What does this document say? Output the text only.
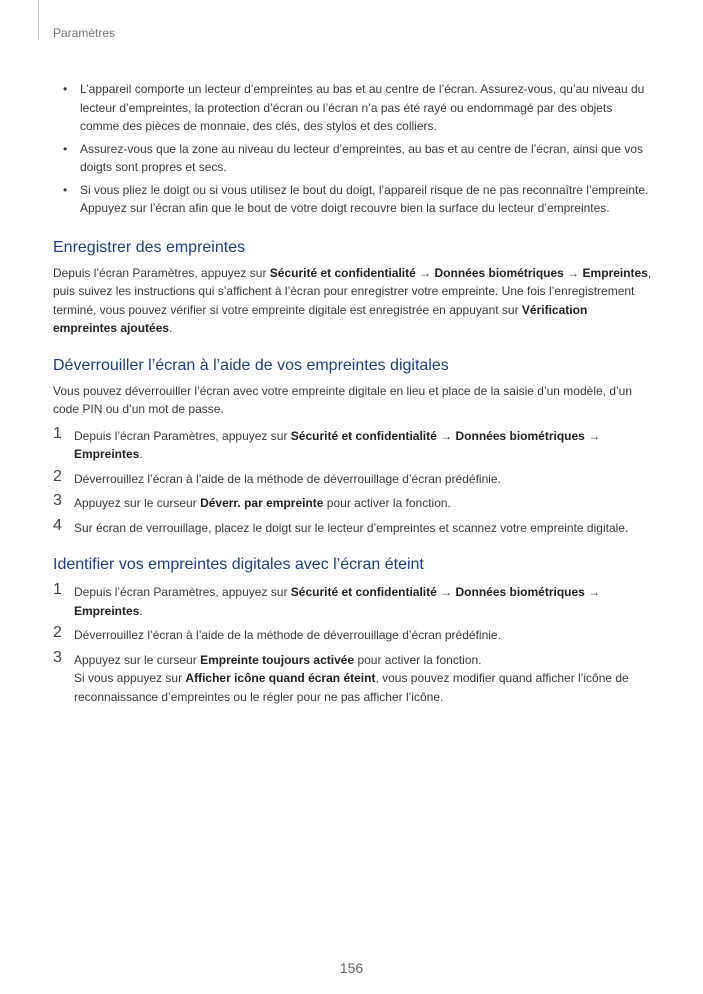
Paramètres
• L’appareil comporte un lecteur d’empreintes au bas et au centre de l’écran. Assurez-vous, qu’au niveau du lecteur d’empreintes, la protection d’écran ou l’écran n’a pas été rayé ou endommagé par des objets comme des pièces de monnaie, des clés, des stylos et des colliers.
• Assurez-vous que la zone au niveau du lecteur d’empreintes, au bas et au centre de l’écran, ainsi que vos doigts sont propres et secs.
• Si vous pliez le doigt ou si vous utilisez le bout du doigt, l’appareil risque de ne pas reconnaître l’empreinte. Appuyez sur l’écran afin que le bout de votre doigt recouvre bien la surface du lecteur d’empreintes.
Enregistrer des empreintes

Depuis l’écran Paramètres, appuyez sur Sécurité et confidentialité → Données biométriques → Empreintes, puis suivez les instructions qui s’affichent à l’écran pour enregistrer votre empreinte. Une fois l’enregistrement terminé, vous pouvez vérifier si votre empreinte digitale est enregistrée en appuyant sur Vérification empreintes ajoutées.

Déverrouiller l’écran à l’aide de vos empreintes digitales

Vous pouvez déverrouiller l’écran avec votre empreinte digitale en lieu et place de la saisie d’un modèle, d’un code PIN ou d’un mot de passe.

1 Depuis l’écran Paramètres, appuyez sur Sécurité et confidentialité → Données biométriques → Empreintes.
2 Déverrouillez l’écran à l’aide de la méthode de déverrouillage d’écran prédéfinie.
3 Appuyez sur le curseur Déverr. par empreinte pour activer la fonction.
4 Sur écran de verrouillage, placez le doigt sur le lecteur d’empreintes et scannez votre empreinte digitale.
Identifier vos empreintes digitales avec l’écran éteint
1 Depuis l’écran Paramètres, appuyez sur Sécurité et confidentialité → Données biométriques → Empreintes.
2 Déverrouillez l’écran à l’aide de la méthode de déverrouillage d’écran prédéfinie.
3 Appuyez sur le curseur Empreinte toujours activée pour activer la fonction.
Si vous appuyez sur Afficher icône quand écran éteint, vous pouvez modifier quand afficher l’icône de reconnaissance d’empreintes ou le régler pour ne pas afficher l’icône.
156
